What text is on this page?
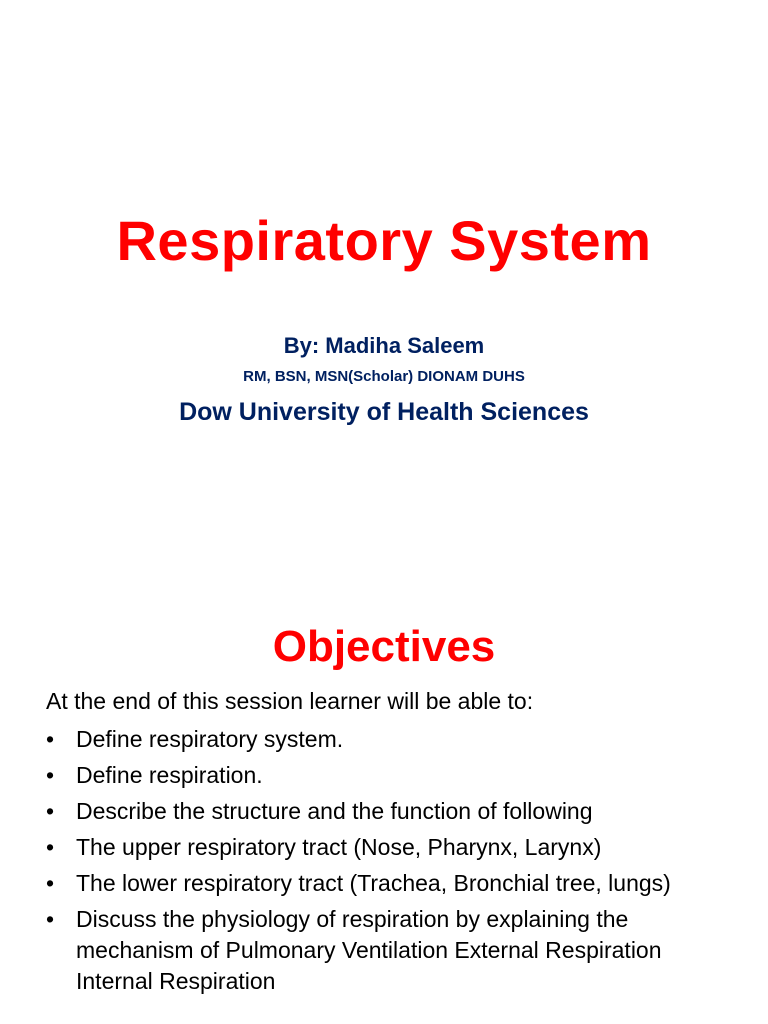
Respiratory System
By: Madiha Saleem
RM, BSN, MSN(Scholar) DIONAM DUHS
Dow University of Health Sciences
Objectives

At the end of this session learner will be able to:

• Define respiratory system.
• Define respiration.
• Describe the structure and the function of following
• The upper respiratory tract (Nose, Pharynx, Larynx)
• The lower respiratory tract (Trachea, Bronchial tree, lungs)
• Discuss the physiology of respiration by explaining the mechanism of Pulmonary Ventilation External Respiration Internal Respiration
